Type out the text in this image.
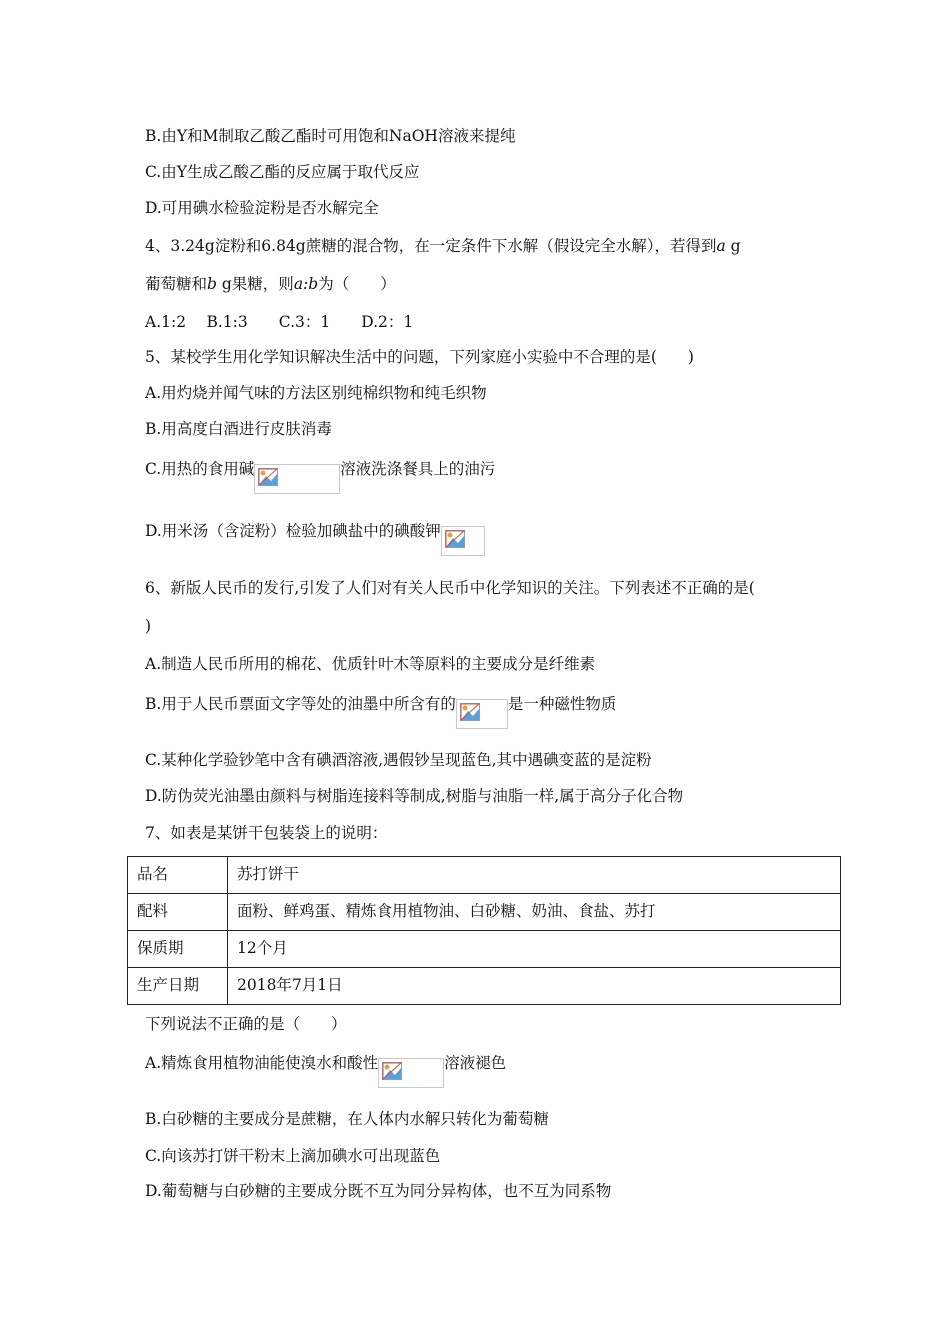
B.由Y和M制取乙酸乙酯时可用饱和NaOH溶液来提纯
C.由Y生成乙酸乙酯的反应属于取代反应
D.可用碘水检验淀粉是否水解完全
4、3.24g淀粉和6.84g蔗糖的混合物，在一定条件下水解（假设完全水解），若得到a g
葡萄糖和b g果糖，则a:b为（　　）
A.1:2　 B.1:3　　C.3：1　　D.2：1
5、某校学生用化学知识解决生活中的问题，下列家庭小实验中不合理的是(　　)
A.用灼烧并闻气味的方法区别纯棉织物和纯毛织物
B.用高度白酒进行皮肤消毒
C.用热的食用碱	溶液洗涤餐具上的油污
D.用米汤（含淀粉）检验加碘盐中的碘酸钾
6、新版人民币的发行,引发了人们对有关人民币中化学知识的关注。下列表述不正确的是(
)
A.制造人民币所用的棉花、优质针叶木等原料的主要成分是纤维素
B.用于人民币票面文字等处的油墨中所含有的	是一种磁性物质
C.某种化学验钞笔中含有碘酒溶液,遇假钞呈现蓝色,其中遇碘变蓝的是淀粉
D.防伪荧光油墨由颜料与树脂连接料等制成,树脂与油脂一样,属于高分子化合物
7、如表是某饼干包装袋上的说明：
品名	苏打饼干
配料	面粉、鲜鸡蛋、精炼食用植物油、白砂糖、奶油、食盐、苏打
保质期	12个月
生产日期	2018年7月1日
下列说法不正确的是（　　）
A.精炼食用植物油能使溴水和酸性	溶液褪色
B.白砂糖的主要成分是蔗糖，在人体内水解只转化为葡萄糖
C.向该苏打饼干粉末上滴加碘水可出现蓝色
D.葡萄糖与白砂糖的主要成分既不互为同分异构体，也不互为同系物
